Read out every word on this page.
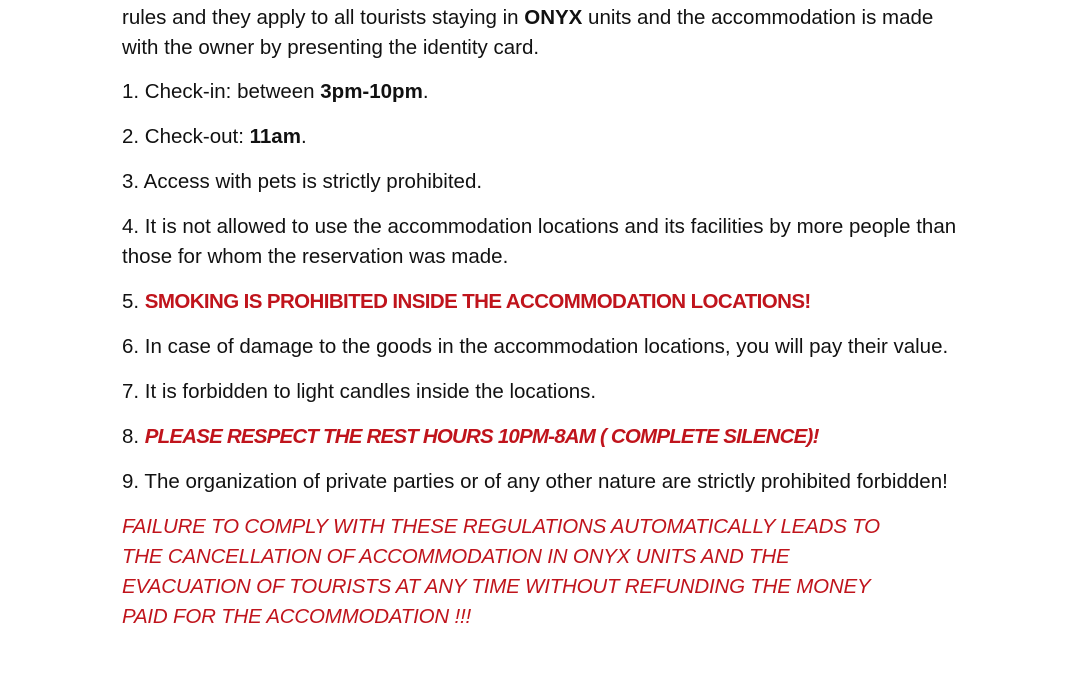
rules and they apply to all tourists staying in ONYX units and the accommodation is made with the owner by presenting the identity card.

1. Check-in: between 3pm-10pm.

2. Check-out: 11am.

3. Access with pets is strictly prohibited.

4. It is not allowed to use the accommodation locations and its facilities by more people than those for whom the reservation was made.

5. SMOKING IS PROHIBITED INSIDE THE ACCOMMODATION LOCATIONS!

6. In case of damage to the goods in the accommodation locations, you will pay their value.

7. It is forbidden to light candles inside the locations.

8. PLEASE RESPECT THE REST HOURS 10PM-8AM ( COMPLETE SILENCE)!

9. The organization of private parties or of any other nature are strictly prohibited forbidden!

FAILURE TO COMPLY WITH THESE REGULATIONS AUTOMATICALLY LEADS TO
THE CANCELLATION OF ACCOMMODATION IN ONYX UNITS AND THE
EVACUATION OF TOURISTS AT ANY TIME WITHOUT REFUNDING THE MONEY
PAID FOR THE ACCOMMODATION !!!
